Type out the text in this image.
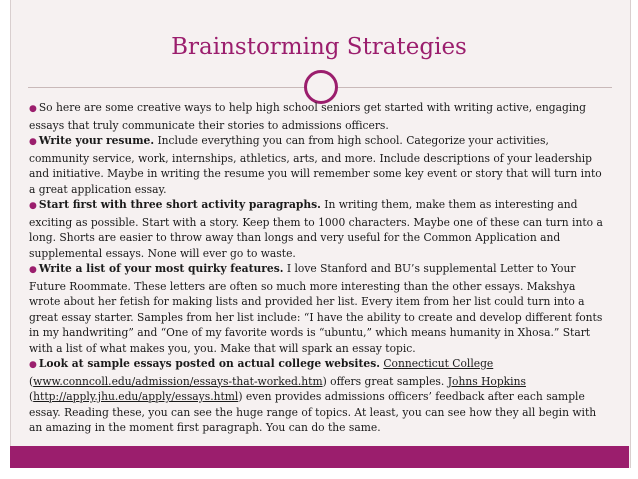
Brainstorming Strategies

● So here are some creative ways to help high school seniors get started with writing active, engaging essays that truly communicate their stories to admissions officers.

● Write your resume. Include everything you can from high school. Categorize your activities, community service, work, internships, athletics, arts, and more. Include descriptions of your leadership and initiative. Maybe in writing the resume you will remember some key event or story that will turn into a great application essay.

● Start first with three short activity paragraphs. In writing them, make them as interesting and exciting as possible. Start with a story. Keep them to 1000 characters. Maybe one of these can turn into a long. Shorts are easier to throw away than longs and very useful for the Common Application and supplemental essays. None will ever go to waste.

● Write a list of your most quirky features. I love Stanford and BU’s supplemental Letter to Your Future Roommate. These letters are often so much more interesting than the other essays. Makshya wrote about her fetish for making lists and provided her list. Every item from her list could turn into a great essay starter. Samples from her list include: “I have the ability to create and develop different fonts in my handwriting” and “One of my favorite words is “ubuntu,” which means humanity in Xhosa.” Start with a list of what makes you, you. Make that will spark an essay topic.

● Look at sample essays posted on actual college websites. Connecticut College
(www.conncoll.edu/admission/essays-that-worked.htm) offers great samples. Johns Hopkins
(http://apply.jhu.edu/apply/essays.html) even provides admissions officers’ feedback after each sample essay. Reading these, you can see the huge range of topics. At least, you can see how they all begin with an amazing in the moment first paragraph. You can do the same.
